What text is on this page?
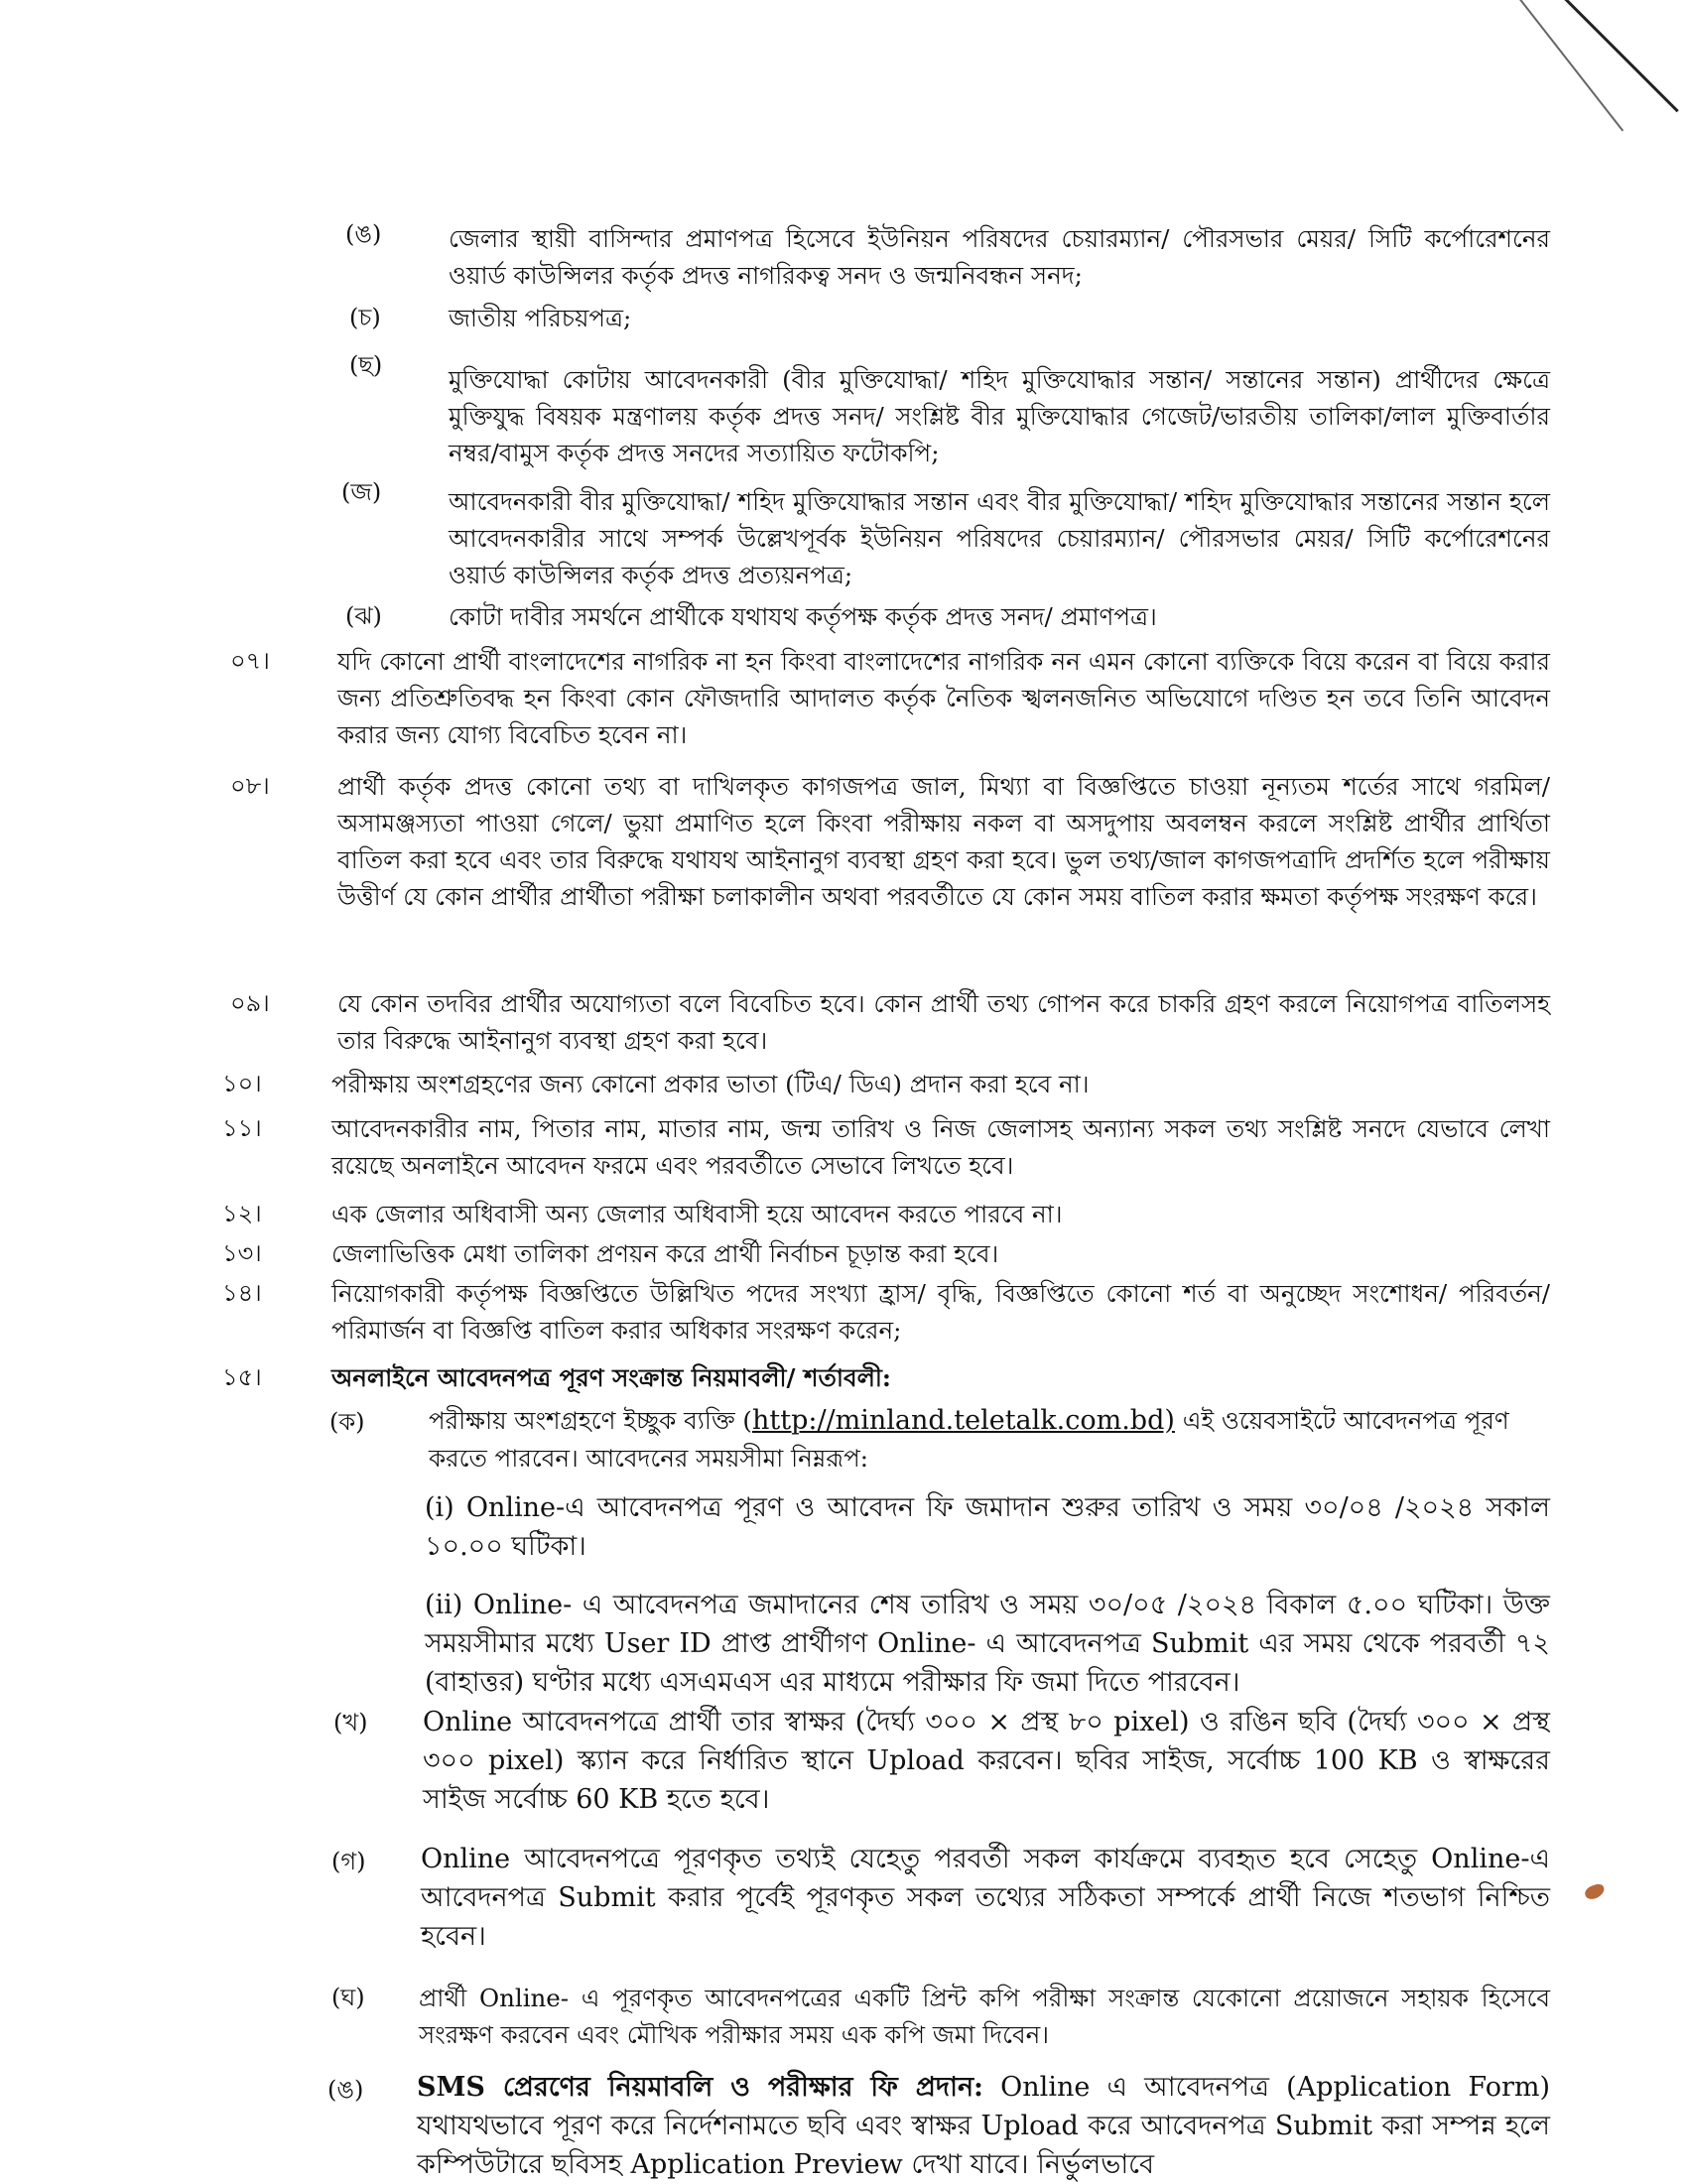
(ঙ)	জেলার স্থায়ী বাসিন্দার প্রমাণপত্র হিসেবে ইউনিয়ন পরিষদের চেয়ারম্যান/ পৌরসভার মেয়র/ সিটি কর্পোরেশনের ওয়ার্ড কাউন্সিলর কর্তৃক প্রদত্ত নাগরিকত্ব সনদ ও জন্মনিবন্ধন সনদ;
(চ)	জাতীয় পরিচয়পত্র;
(ছ)	মুক্তিযোদ্ধা কোটায় আবেদনকারী (বীর মুক্তিযোদ্ধা/ শহিদ মুক্তিযোদ্ধার সন্তান/ সন্তানের সন্তান) প্রার্থীদের ক্ষেত্রে মুক্তিযুদ্ধ বিষয়ক মন্ত্রণালয় কর্তৃক প্রদত্ত সনদ/ সংশ্লিষ্ট বীর মুক্তিযোদ্ধার গেজেট/ভারতীয় তালিকা/লাল মুক্তিবার্তার নম্বর/বামুস কর্তৃক প্রদত্ত সনদের সত্যায়িত ফটোকপি;
(জ)	আবেদনকারী বীর মুক্তিযোদ্ধা/ শহিদ মুক্তিযোদ্ধার সন্তান এবং বীর মুক্তিযোদ্ধা/ শহিদ মুক্তিযোদ্ধার সন্তানের সন্তান হলে আবেদনকারীর সাথে সম্পর্ক উল্লেখপূর্বক ইউনিয়ন পরিষদের চেয়ারম্যান/ পৌরসভার মেয়র/ সিটি কর্পোরেশনের ওয়ার্ড কাউন্সিলর কর্তৃক প্রদত্ত প্রত্যয়নপত্র;
(ঝ)	কোটা দাবীর সমর্থনে প্রার্থীকে যথাযথ কর্তৃপক্ষ কর্তৃক প্রদত্ত সনদ/ প্রমাণপত্র।
০৭।	যদি কোনো প্রার্থী বাংলাদেশের নাগরিক না হন কিংবা বাংলাদেশের নাগরিক নন এমন কোনো ব্যক্তিকে বিয়ে করেন বা বিয়ে করার জন্য প্রতিশ্রুতিবদ্ধ হন কিংবা কোন ফৌজদারি আদালত কর্তৃক নৈতিক স্খলনজনিত অভিযোগে দণ্ডিত হন তবে তিনি আবেদন করার জন্য যোগ্য বিবেচিত হবেন না।
০৮।	প্রার্থী কর্তৃক প্রদত্ত কোনো তথ্য বা দাখিলকৃত কাগজপত্র জাল, মিথ্যা বা বিজ্ঞপ্তিতে চাওয়া নূন্যতম শর্তের সাথে গরমিল/অসামঞ্জস্যতা পাওয়া গেলে/ ভুয়া প্রমাণিত হলে কিংবা পরীক্ষায় নকল বা অসদুপায় অবলম্বন করলে সংশ্লিষ্ট প্রার্থীর প্রার্থিতা বাতিল করা হবে এবং তার বিরুদ্ধে যথাযথ আইনানুগ ব্যবস্থা গ্রহণ করা হবে। ভুল তথ্য/জাল কাগজপত্রাদি প্রদর্শিত হলে পরীক্ষায় উত্তীর্ণ যে কোন প্রার্থীর প্রার্থীতা পরীক্ষা চলাকালীন অথবা পরবর্তীতে যে কোন সময় বাতিল করার ক্ষমতা কর্তৃপক্ষ সংরক্ষণ করে।
০৯।	যে কোন তদবির প্রার্থীর অযোগ্যতা বলে বিবেচিত হবে। কোন প্রার্থী তথ্য গোপন করে চাকরি গ্রহণ করলে নিয়োগপত্র বাতিলসহ তার বিরুদ্ধে আইনানুগ ব্যবস্থা গ্রহণ করা হবে।
১০।	পরীক্ষায় অংশগ্রহণের জন্য কোনো প্রকার ভাতা (টিএ/ ডিএ) প্রদান করা হবে না।
১১।	আবেদনকারীর নাম, পিতার নাম, মাতার নাম, জন্ম তারিখ ও নিজ জেলাসহ অন্যান্য সকল তথ্য সংশ্লিষ্ট সনদে যেভাবে লেখা রয়েছে অনলাইনে আবেদন ফরমে এবং পরবর্তীতে সেভাবে লিখতে হবে।
১২।	এক জেলার অধিবাসী অন্য জেলার অধিবাসী হয়ে আবেদন করতে পারবে না।
১৩।	জেলাভিত্তিক মেধা তালিকা প্রণয়ন করে প্রার্থী নির্বাচন চূড়ান্ত করা হবে।
১৪।	নিয়োগকারী কর্তৃপক্ষ বিজ্ঞপ্তিতে উল্লিখিত পদের সংখ্যা হ্রাস/ বৃদ্ধি, বিজ্ঞপ্তিতে কোনো শর্ত বা অনুচ্ছেদ সংশোধন/ পরিবর্তন/ পরিমার্জন বা বিজ্ঞপ্তি বাতিল করার অধিকার সংরক্ষণ করেন;
১৫।	অনলাইনে আবেদনপত্র পূরণ সংক্রান্ত নিয়মাবলী/ শর্তাবলী:
(ক)	পরীক্ষায় অংশগ্রহণে ইচ্ছুক ব্যক্তি (http://minland.teletalk.com.bd) এই ওয়েবসাইটে আবেদনপত্র পূরণ করতে পারবেন। আবেদনের সময়সীমা নিম্নরূপ:
(i) Online-এ আবেদনপত্র পূরণ ও আবেদন ফি জমাদান শুরুর তারিখ ও সময় ৩০/০৪ /২০২৪ সকাল ১০.০০ ঘটিকা।
(ii) Online- এ আবেদনপত্র জমাদানের শেষ তারিখ ও সময় ৩০/০৫ /২০২৪ বিকাল ৫.০০ ঘটিকা। উক্ত সময়সীমার মধ্যে User ID প্রাপ্ত প্রার্থীগণ Online- এ আবেদনপত্র Submit এর সময় থেকে পরবর্তী ৭২ (বাহাত্তর) ঘণ্টার মধ্যে এসএমএস এর মাধ্যমে পরীক্ষার ফি জমা দিতে পারবেন।
(খ) Online আবেদনপত্রে প্রার্থী তার স্বাক্ষর (দৈর্ঘ্য ৩০০ × প্রস্থ ৮০ pixel) ও রঙিন ছবি (দৈর্ঘ্য ৩০০ × প্রস্থ ৩০০ pixel) স্ক্যান করে নির্ধারিত স্থানে Upload করবেন। ছবির সাইজ, সর্বোচ্চ 100 KB ও স্বাক্ষরের সাইজ সর্বোচ্চ 60 KB হতে হবে।
(গ) Online আবেদনপত্রে পূরণকৃত তথ্যই যেহেতু পরবর্তী সকল কার্যক্রমে ব্যবহৃত হবে সেহেতু Online-এ আবেদনপত্র Submit করার পূর্বেই পূরণকৃত সকল তথ্যের সঠিকতা সম্পর্কে প্রার্থী নিজে শতভাগ নিশ্চিত হবেন।
(ঘ) প্রার্থী Online- এ পূরণকৃত আবেদনপত্রের একটি প্রিন্ট কপি পরীক্ষা সংক্রান্ত যেকোনো প্রয়োজনে সহায়ক হিসেবে সংরক্ষণ করবেন এবং মৌখিক পরীক্ষার সময় এক কপি জমা দিবেন।
(ঙ) SMS প্রেরণের নিয়মাবলি ও পরীক্ষার ফি প্রদান: Online এ আবেদনপত্র (Application Form) যথাযথভাবে পূরণ করে নির্দেশনামতে ছবি এবং স্বাক্ষর Upload করে আবেদনপত্র Submit করা সম্পন্ন হলে কম্পিউটারে ছবিসহ Application Preview দেখা যাবে। নির্ভুলভাবে
